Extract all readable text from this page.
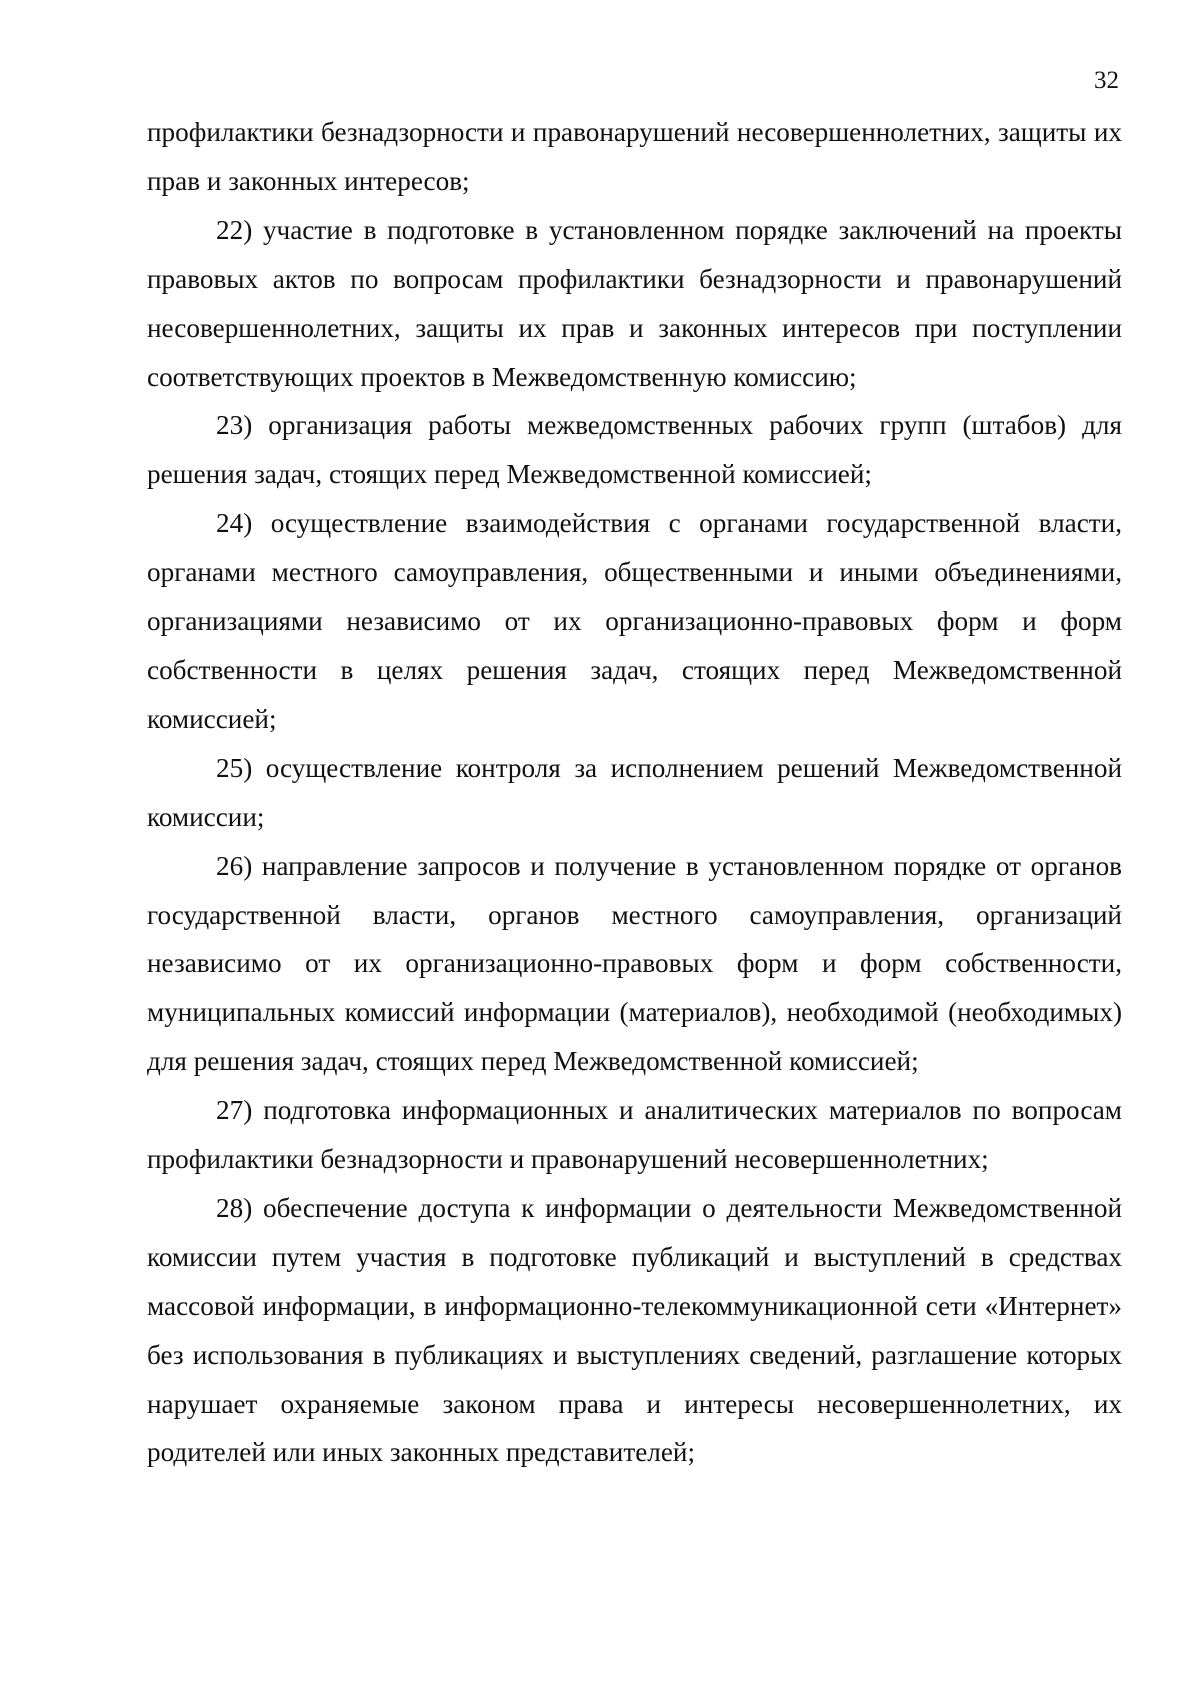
32

профилактики безнадзорности и правонарушений несовершеннолетних, защиты их прав и законных интересов;

22) участие в подготовке в установленном порядке заключений на проекты правовых актов по вопросам профилактики безнадзорности и правонарушений несовершеннолетних, защиты их прав и законных интересов при поступлении соответствующих проектов в Межведомственную комиссию;

23) организация работы межведомственных рабочих групп (штабов) для решения задач, стоящих перед Межведомственной комиссией;

24) осуществление взаимодействия с органами государственной власти, органами местного самоуправления, общественными и иными объединениями, организациями независимо от их организационно-правовых форм и форм собственности в целях решения задач, стоящих перед Межведомственной комиссией;

25) осуществление контроля за исполнением решений Межведомственной комиссии;

26) направление запросов и получение в установленном порядке от органов государственной власти, органов местного самоуправления, организаций независимо от их организационно-правовых форм и форм собственности, муниципальных комиссий информации (материалов), необходимой (необходимых) для решения задач, стоящих перед Межведомственной комиссией;

27) подготовка информационных и аналитических материалов по вопросам профилактики безнадзорности и правонарушений несовершеннолетних;

28) обеспечение доступа к информации о деятельности Межведомственной комиссии путем участия в подготовке публикаций и выступлений в средствах массовой информации, в информационно-телекоммуникационной сети «Интернет» без использования в публикациях и выступлениях сведений, разглашение которых нарушает охраняемые законом права и интересы несовершеннолетних, их родителей или иных законных представителей;
